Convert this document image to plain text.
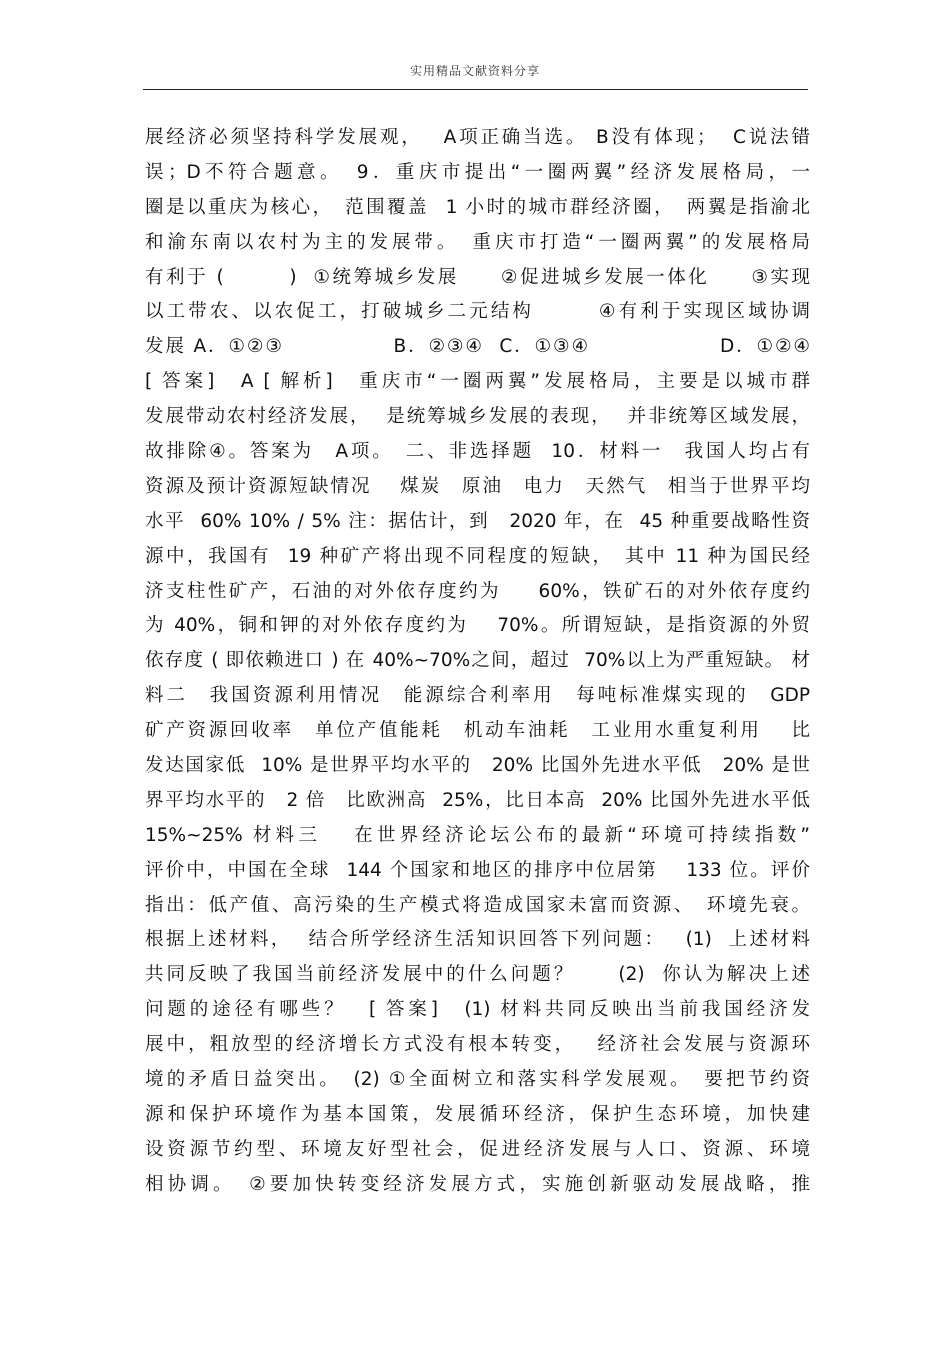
实用精品文献资料分享
展经济必须坚持科学发展观，　 A项正确当选。 B没有体现；  C说法错
误；D不符合题意。　9．重庆市提出“一圈两翼”经济发展格局，一
圈是以重庆为核心，　范围覆盖  1 小时的城市群经济圈，　两翼是指渝北
和渝东南以农村为主的发展带。　重庆市打造“一圈两翼”的发展格局
有利于 (　　　)  ①统筹城乡发展　　②促进城乡发展一体化　　③实现
以工带农、以农促工，打破城乡二元结构　　　④有利于实现区域协调
发展 A．①②③　　　　　 B．②③④  C．①③④　　　　　　 D．①②④
[ 答案]　A [ 解析]　重庆市“一圈两翼”发展格局，主要是以城市群
发展带动农村经济发展，  是统筹城乡发展的表现，  并非统筹区域发展，
故排除④。答案为　A项。　二、非选择题  10．材料一　我国人均占有
资源及预计资源短缺情况　 煤炭　原油　电力　天然气　相当于世界平均
水平  60% 10% / 5% 注：据估计，到　2020 年，在  45 种重要战略性资
源中，我国有  19 种矿产将出现不同程度的短缺，　其中 11 种为国民经
济支柱性矿产，石油的对外依存度约为　  60%，铁矿石的对外依存度约
为 40%，铜和钾的对外依存度约为　 70%。所谓短缺，是指资源的外贸
依存度 ( 即依赖进口 ) 在 40%~70%之间，超过  70%以上为严重短缺。 材
料二　我国资源利用情况　能源综合利率用　每吨标准煤实现的　GDP
矿产资源回收率　单位产值能耗　机动车油耗　工业用水重复利用　 比
发达国家低  10% 是世界平均水平的　20% 比国外先进水平低　20% 是世
界平均水平的　2 倍　比欧洲高  25%，比日本高  20% 比国外先进水平低
15%~25% 材料三　 在世界经济论坛公布的最新“环境可持续指数”
评价中，中国在全球  144 个国家和地区的排序中位居第　 133 位。评价
指出：低产值、高污染的生产模式将造成国家未富而资源、　环境先衰。
根据上述材料，  结合所学经济生活知识回答下列问题：　 (1)  上述材料
共同反映了我国当前经济发展中的什么问题？　　(2)  你认为解决上述
问题的途径有哪些？　[ 答案]　(1) 材料共同反映出当前我国经济发
展中，粗放型的经济增长方式没有根本转变，　 经济社会发展与资源环
境的矛盾日益突出。　(2) ①全面树立和落实科学发展观。　要把节约资
源和保护环境作为基本国策，发展循环经济，保护生态环境，加快建
设资源节约型、环境友好型社会，促进经济发展与人口、资源、环境
相协调。　②要加快转变经济发展方式，实施创新驱动发展战略，推
